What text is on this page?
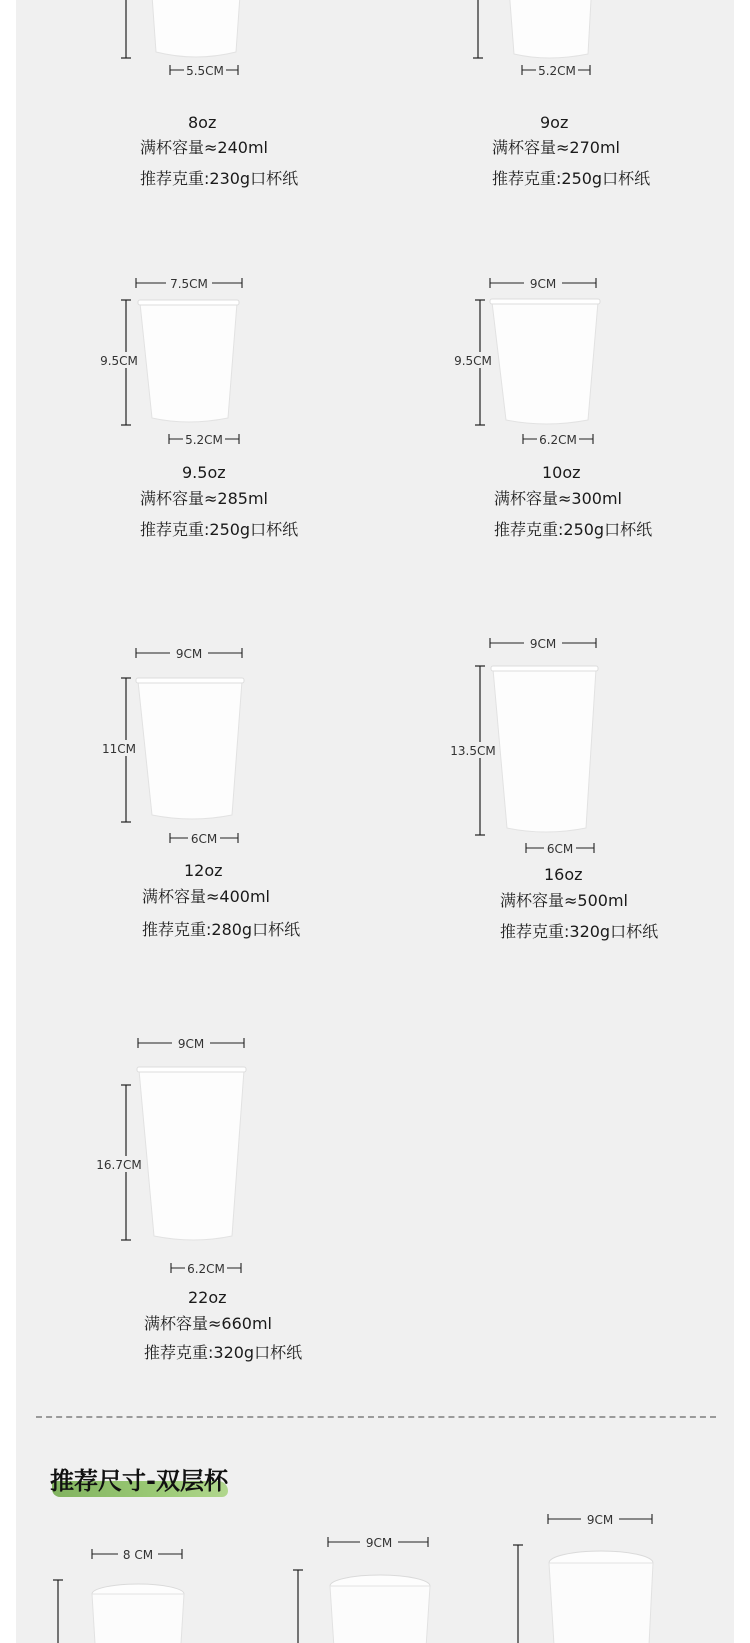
5.5CM
8oz
满杯容量≈240ml
推荐克重:230g口杯纸
5.2CM
9oz
满杯容量≈270ml
推荐克重:250g口杯纸
7.5CM
9.5CM
5.2CM
9.5oz
满杯容量≈285ml
推荐克重:250g口杯纸
9CM
9.5CM
6.2CM
10oz
满杯容量≈300ml
推荐克重:250g口杯纸
9CM
11CM
6CM
12oz
满杯容量≈400ml
推荐克重:280g口杯纸
9CM
13.5CM
6CM
16oz
满杯容量≈500ml
推荐克重:320g口杯纸
9CM
16.7CM
6.2CM
22oz
满杯容量≈660ml
推荐克重:320g口杯纸
推荐尺寸-双层杯
8 CM
9CM
9CM
